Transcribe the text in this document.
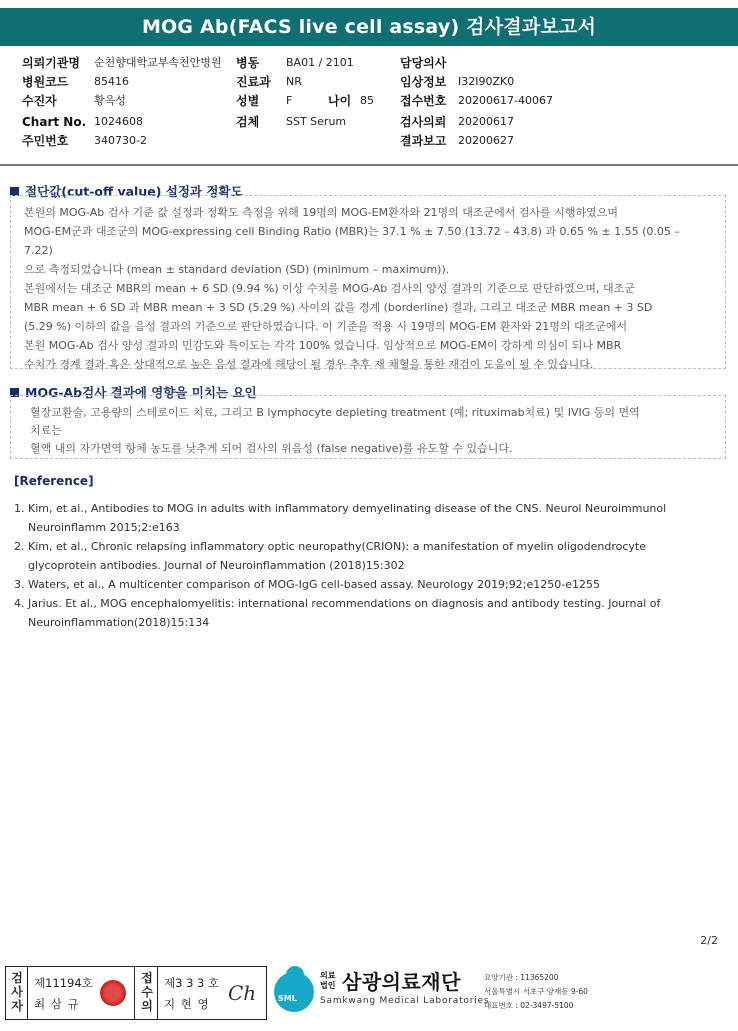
MOG Ab(FACS live cell assay) 검사결과보고서
의뢰기관명 순천향대학교부속천안병원
병원코드 85416
수진자	황옥성
Chart No. 1024608
주민번호 340730-2
병동 BA01 / 2101
진료과 NR
성별 F	나이 85
검체 SST Serum
담당의사
임상정보 I32I90ZK0
접수번호 20200617-40067
검사의뢰 20200617
결과보고 20200627
절단값(cut-off value) 설정과 정확도

본원의 MOG-Ab 검사 기준 값 설정과 정확도 측정을 위해 19명의 MOG-EM환자와 21명의 대조군에서 검사를 시행하였으며

MOG-EM군과 대조군의 MOG-expressing cell Binding Ratio (MBR)는 37.1 % ± 7.50 (13.72 – 43.8) 과 0.65 % ± 1.55 (0.05 –

7.22)

으로 측정되었습니다 (mean ± standard deviation (SD) (minimum – maximum)).

본원에서는 대조군 MBR의 mean + 6 SD (9.94 %) 이상 수치를 MOG-Ab 검사의 양성 결과의 기준으로 판단하였으며, 대조군

MBR mean + 6 SD 과 MBR mean + 3 SD (5.29 %) 사이의 값을 경계 (borderline) 결과, 그리고 대조군 MBR mean + 3 SD

(5.29 %) 이하의 값을 음성 결과의 기준으로 판단하였습니다. 이 기준을 적용 시 19명의 MOG-EM 환자와 21명의 대조군에서

본원 MOG-Ab 검사 양성 결과의 민감도와 특이도는 각각 100% 였습니다. 임상적으로 MOG-EM이 강하게 의심이 되나 MBR

수치가 경계 결과 혹은 상대적으로 높은 음성 결과에 해당이 될 경우 추후 재 채혈을 통한 재검이 도움이 될 수 있습니다.

MOG-Ab검사 결과에 영향을 미치는 요인

혈장교환술, 고용량의 스테로이드 치료, 그리고 B lymphocyte depleting treatment (예; rituximab치료) 및 IVIG 등의 면역

치료는

혈액 내의 자가면역 항체 농도를 낮추게 되어 검사의 위음성 (false negative)를 유도할 수 있습니다.

[Reference]
1. Kim, et al., Antibodies to MOG in adults with inflammatory demyelinating disease of the CNS. Neurol Neuroimmunol
Neuroinflamm 2015;2:e163
2. Kim, et al., Chronic relapsing inflammatory optic neuropathy(CRION): a manifestation of myelin oligodendrocyte
glycoprotein antibodies. Journal of Neuroinflammation (2018)15:302
3. Waters, et al., A multicenter comparison of MOG-IgG cell-based assay. Neurology 2019;92;e1250-e1255
4. Jarius. Et al., MOG encephalomyelitis: international recommendations on diagnosis and antibody testing. Journal of
Neuroinflammation(2018)15:134
2/2
검
사
자
제11194호
최 삼 규
접
수
의
제3 3 3 호
지 현 영 Ch	SML
의료
법인 삼광의료재단
Samkwang Medical Laboratories
요양기관 : 11365200
서울특별시 서초구 양재동 9-60
대표번호 : 02-3497-5100
